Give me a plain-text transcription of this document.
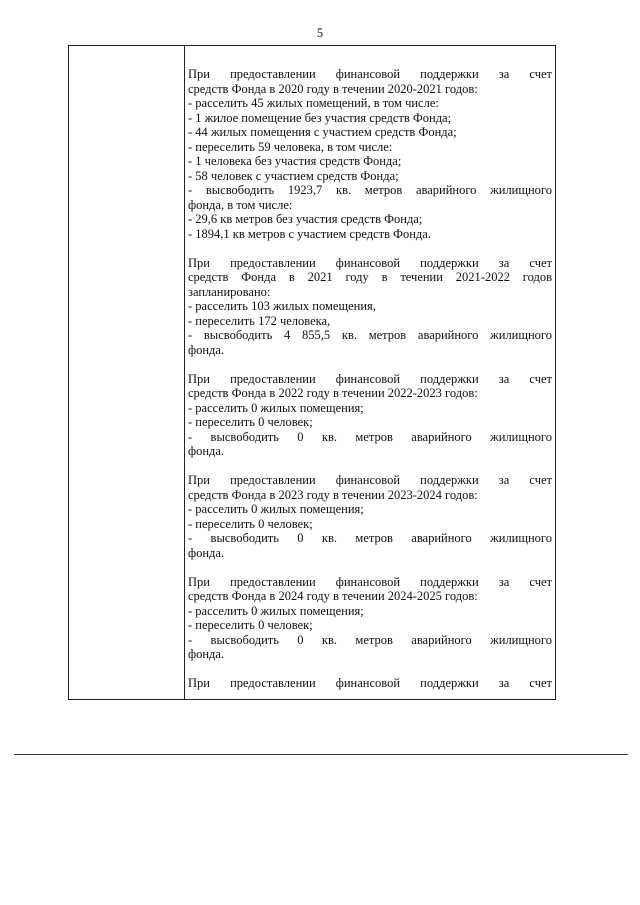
5
При предоставлении финансовой поддержки за счет
средств Фонда в 2020 году в течении 2020-2021 годов:
- расселить 45 жилых помещений, в том числе:
- 1 жилое помещение без участия средств Фонда;
- 44 жилых помещения с участием средств Фонда;
- переселить 59 человека, в том числе:
- 1 человека без участия средств Фонда;
- 58 человек с участием средств Фонда;
- высвободить 1923,7 кв. метров аварийного жилищного
фонда, в том числе:
- 29,6 кв метров без участия средств Фонда;
- 1894,1 кв метров с участием средств Фонда.
При предоставлении финансовой поддержки за счет
средств Фонда в 2021 году в течении 2021-2022 годов
запланировано:
- расселить 103 жилых помещения,
- переселить 172 человека,
- высвободить 4 855,5 кв. метров аварийного жилищного
фонда.
При предоставлении финансовой поддержки за счет
средств Фонда в 2022 году в течении 2022-2023 годов:
- расселить 0 жилых помещения;
- переселить 0 человек;
- высвободить 0 кв. метров аварийного жилищного
фонда.
При предоставлении финансовой поддержки за счет
средств Фонда в 2023 году в течении 2023-2024 годов:
- расселить 0 жилых помещения;
- переселить 0 человек;
- высвободить 0 кв. метров аварийного жилищного
фонда.
При предоставлении финансовой поддержки за счет
средств Фонда в 2024 году в течении 2024-2025 годов:
- расселить 0 жилых помещения;
- переселить 0 человек;
- высвободить 0 кв. метров аварийного жилищного
фонда.
При предоставлении финансовой поддержки за счет
